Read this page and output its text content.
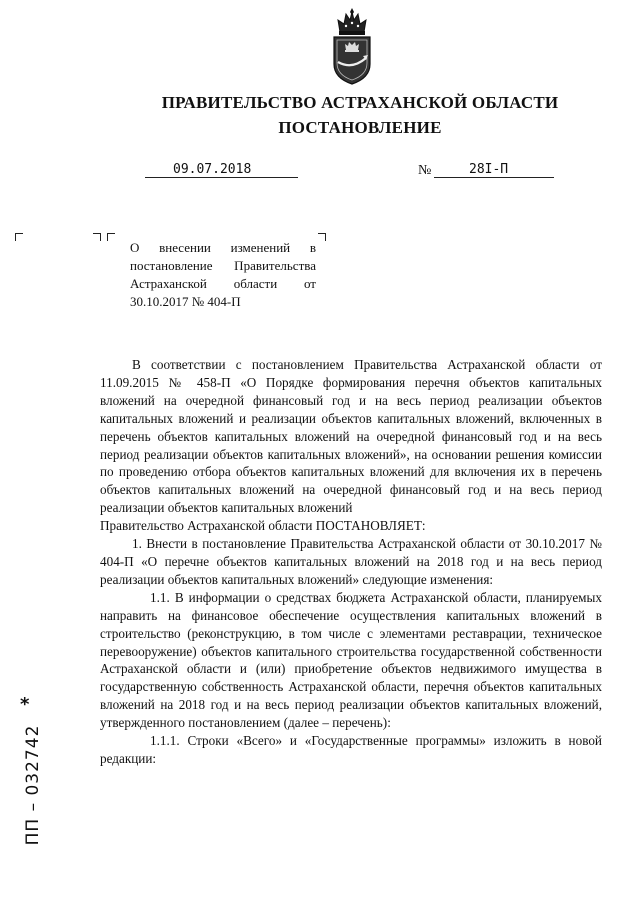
ПРАВИТЕЛЬСТВО АСТРАХАНСКОЙ ОБЛАСТИ
ПОСТАНОВЛЕНИЕ
09.07.2018	№	28I-П
О внесении изменений в постановление Правительства Астраханской области от 30.10.2017 № 404-П

В соответствии с постановлением Правительства Астраханской области от 11.09.2015 № 458-П «О Порядке формирования перечня объектов капитальных вложений на очередной финансовый год и на весь период реализации объектов капитальных вложений и реализации объектов капитальных вложений, включенных в перечень объектов капитальных вложений на очередной финансовый год и на весь период реализации объектов капитальных вложений», на основании решения комиссии по проведению отбора объектов капитальных вложений для включения их в перечень объектов капитальных вложений на очередной финансовый год и на весь период реализации объектов капитальных вложений

Правительство Астраханской области ПОСТАНОВЛЯЕТ:

1. Внести в постановление Правительства Астраханской области от 30.10.2017 № 404-П «О перечне объектов капитальных вложений на 2018 год и на весь период реализации объектов капитальных вложений» следующие изменения:

1.1. В информации о средствах бюджета Астраханской области, планируемых направить на финансовое обеспечение осуществления капитальных вложений в строительство (реконструкцию, в том числе с элементами реставрации, техническое перевооружение) объектов капитального строительства государственной собственности Астраханской области и (или) приобретение объектов недвижимого имущества в государственную собственность Астраханской области, перечня объектов капитальных вложений на 2018 год и на весь период реализации объектов капитальных вложений, утвержденного постановлением (далее – перечень):

1.1.1. Строки «Всего» и «Государственные программы» изложить в новой редакции:

ПП – 032742
*
